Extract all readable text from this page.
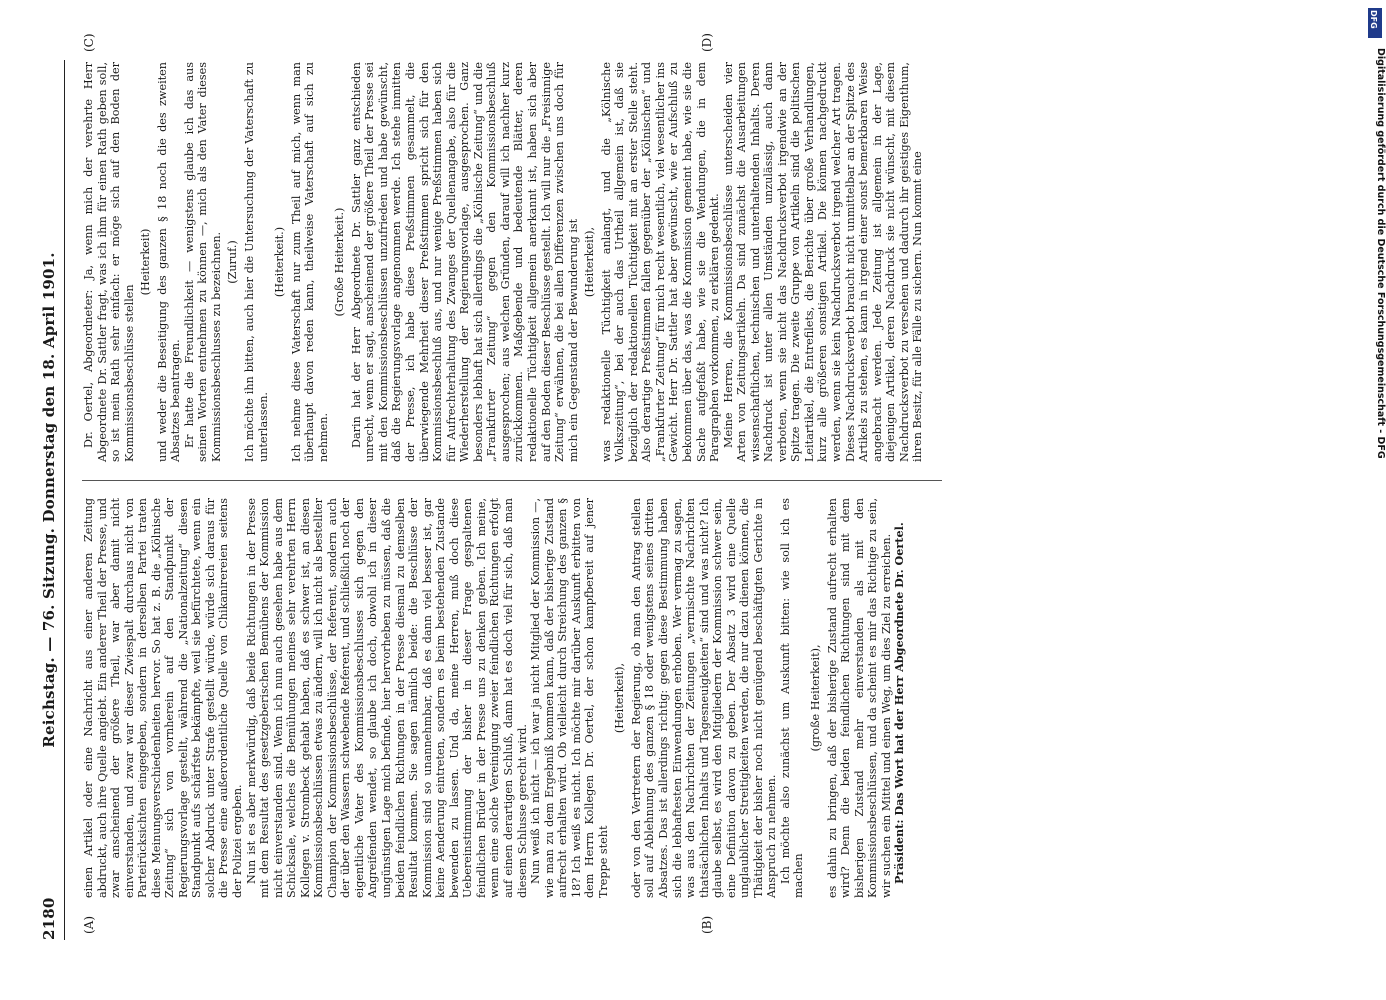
2180
Reichstag. — 76. Sitzung. Donnerstag den 18. April 1901.
(A)	(B)
(C)	(D)

einen Artikel oder eine Nachricht aus einer anderen Zeitung abdruckt, auch ihre Quelle angiebt. Ein anderer Theil der Presse, und zwar anscheinend der größere Theil, war aber damit nicht einverstanden, und zwar war dieser Zwiespalt durchaus nicht von Parteirücksichten eingegeben, sondern in derselben Partei traten diese Meinungsverschiedenheiten hervor. So hat z. B. die „Kölnische Zeitung“ sich von vornherein auf den Standpunkt der Regierungsvorlage gestellt, während die „Nationalzeitung“ diesen Standpunkt aufs schärfste bekämpfte, weil sie befürchtete, wenn ein solcher Abdruck unter Strafe gestellt würde, würde sich daraus für die Presse eine außerordentliche Quelle von Chikanirereien seitens der Polizei ergeben. Nun ist es aber merkwürdig, daß beide Richtungen in der Presse mit dem Resultat des gesetzgeberischen Bemühens der Kommission nicht einverstanden sind. Wenn ich nun auch gesehen habe aus dem Schicksale, welches die Bemühungen meines sehr verehrten Herrn Kollegen v. Strombeck gehabt haben, daß es schwer ist, an diesen Kommissionsbeschlüssen etwas zu ändern, will ich nicht als bestellter Champion der Kommissionsbeschlüsse, der Referent, sondern auch der über den Wassern schwebende Referent, und schließlich noch der eigentliche Vater des Kommissionsbeschlusses sich gegen den Angreifenden wendet, so glaube ich doch, obwohl ich in dieser ungünstigen Lage mich befinde, hier hervorheben zu müssen, daß die beiden feindlichen Richtungen in der Presse diesmal zu demselben Resultat kommen. Sie sagen nämlich beide: die Beschlüsse der Kommission sind so unannehmbar, daß es dann viel besser ist, gar keine Aenderung eintreten, sondern es beim bestehenden Zustande bewenden zu lassen. Und da, meine Herren, muß doch diese Uebereinstimmung der bisher in dieser Frage gespaltenen feindlichen Brüder in der Presse uns zu denken geben. Ich meine, wenn eine solche Vereinigung zweier feindlichen Richtungen erfolgt auf einen derartigen Schluß, dann hat es doch viel für sich, daß man diesem Schlusse gerecht wird. Nun weiß ich nicht — ich war ja nicht Mitglied der Kommission —, wie man zu dem Ergebniß kommen kann, daß der bisherige Zustand aufrecht erhalten wird. Ob vielleicht durch Streichung des ganzen § 18? Ich weiß es nicht. Ich möchte mir darüber Auskunft erbitten von dem Herrn Kollegen Dr. Oertel, der schon kampfbereit auf jener Treppe steht

(Heiterkeit), oder von den Vertretern der Regierung, ob man den Antrag stellen soll auf Ablehnung des ganzen § 18 oder wenigstens seines dritten Absatzes. Das ist allerdings richtig: gegen diese Bestimmung haben sich die lebhaftesten Einwendungen erhoben. Wer vermag zu sagen, was aus den Nachrichten der Zeitungen „vermischte Nachrichten thatsächlichen Inhalts und Tagesneuigkeiten“ sind und was nicht? Ich glaube selbst, es wird den Mitgliedern der Kommission schwer sein, eine Definition davon zu geben. Der Absatz 3 wird eine Quelle unglaublicher Streitigkeiten werden, die nur dazu dienen können, die Thätigkeit der bisher noch nicht genügend beschäftigten Gerichte in Anspruch zu nehmen. Ich möchte also zunächst um Auskunft bitten: wie soll ich es machen

(große Heiterkeit), es dahin zu bringen, daß der bisherige Zustand aufrecht erhalten wird? Denn die beiden feindlichen Richtungen sind mit dem bisherigen Zustand mehr einverstanden als mit den Kommissionsbeschlüssen, und da scheint es mir das Richtige zu sein, wir suchen ein Mittel und einen Weg, um dies Ziel zu erreichen. Präsident: Das Wort hat der Herr Abgeordnete Dr. Oertel.

Dr. Oertel, Abgeordneter: Ja, wenn mich der verehrte Herr Abgeordnete Dr. Sattler fragt, was ich ihm für einen Rath geben soll, so ist mein Rath sehr einfach: er möge sich auf den Boden der Kommissionsbeschlüsse stellen

(Heiterkeit) und weder die Beseitigung des ganzen § 18 noch die des zweiten Absatzes beantragen. Er hatte die Freundlichkeit — wenigstens glaube ich das aus seinen Worten entnehmen zu können —, mich als den Vater dieses Kommissionsbeschlusses zu bezeichnen. (Zuruf.) Ich möchte ihn bitten, auch hier die Untersuchung der Vaterschaft zu unterlassen.

(Heiterkeit.) Ich nehme diese Vaterschaft nur zum Theil auf mich, wenn man überhaupt davon reden kann, theilweise Vaterschaft auf sich zu nehmen.

(Große Heiterkeit.) Darin hat der Herr Abgeordnete Dr. Sattler ganz entschieden unrecht, wenn er sagt, anscheinend der größere Theil der Presse sei mit den Kommissionsbeschlüssen unzufrieden und habe gewünscht, daß die Regierungsvorlage angenommen werde. Ich stehe inmitten der Presse, ich habe diese Preßstimmen gesammelt, die überwiegende Mehrheit dieser Preßstimmen spricht sich für den Kommissionsbeschluß aus, und nur wenige Preßstimmen haben sich für Aufrechterhaltung des Zwanges der Quellenangabe, also für die Wiederherstellung der Regierungsvorlage, ausgesprochen. Ganz besonders lebhaft hat sich allerdings die „Kölnische Zeitung“ und die „Frankfurter Zeitung“ gegen den Kommissionsbeschluß ausgesprochen; aus welchen Gründen, darauf will ich nachher kurz zurückkommen. Maßgebende und bedeutende Blätter, deren redaktionelle Tüchtigkeit allgemein anerkannt ist, haben sich aber auf den Boden dieser Beschlüsse gestellt. Ich will nur die „Freisinnige Zeitung“ erwähnen, die bei allen Differenzen zwischen uns doch für mich ein Gegenstand der Bewunderung ist (Heiterkeit), was redaktionelle Tüchtigkeit anlangt, und die „Kölnische Volkszeitung“, bei der auch das Urtheil allgemein ist, daß sie bezüglich der redaktionellen Tüchtigkeit mit an erster Stelle steht. Also derartige Preßstimmen fallen gegenüber der „Kölnischen“ und „Frankfurter Zeitung“ für mich recht wesentlich, viel wesentlicher ins Gewicht. Herr Dr. Sattler hat aber gewünscht, wie er Aufschluß zu bekommen über das, was die Kommission gemeint habe, wie sie die Sache aufgefaßt habe, wie sie die Wendungen, die in dem Paragraphen vorkommen, zu erklären gedenkt. Meine Herren, die Kommissionsbeschlüsse unterscheiden vier Arten von Zeitungsartikeln. Da sind zunächst die Ausarbeitungen wissenschaftlichen, technischen und unterhaltenden Inhalts. Deren Nachdruck ist unter allen Umständen unzulässig, auch dann verboten, wenn sie nicht das Nachdrucksverbot irgendwie an der Spitze tragen. Die zweite Gruppe von Artikeln sind die politischen Leitartikel, die Entrefilets, die Berichte über große Verhandlungen, kurz alle größeren sonstigen Artikel. Die können nachgedruckt werden, wenn sie kein Nachdrucksverbot irgend welcher Art tragen. Dieses Nachdrucksverbot braucht nicht unmittelbar an der Spitze des Artikels zu stehen, es kann in irgend einer sonst bemerkbaren Weise angebracht werden. Jede Zeitung ist allgemein in der Lage, diejenigen Artikel, deren Nachdruck sie nicht wünscht, mit diesem Nachdrucksverbot zu versehen und dadurch ihr geistiges Eigenthum, ihren Besitz, für alle Fälle zu sichern. Nun kommt eine	Digitalisierung gefördert durch die Deutsche Forschungsgemeinschaft - DFG
DFG
